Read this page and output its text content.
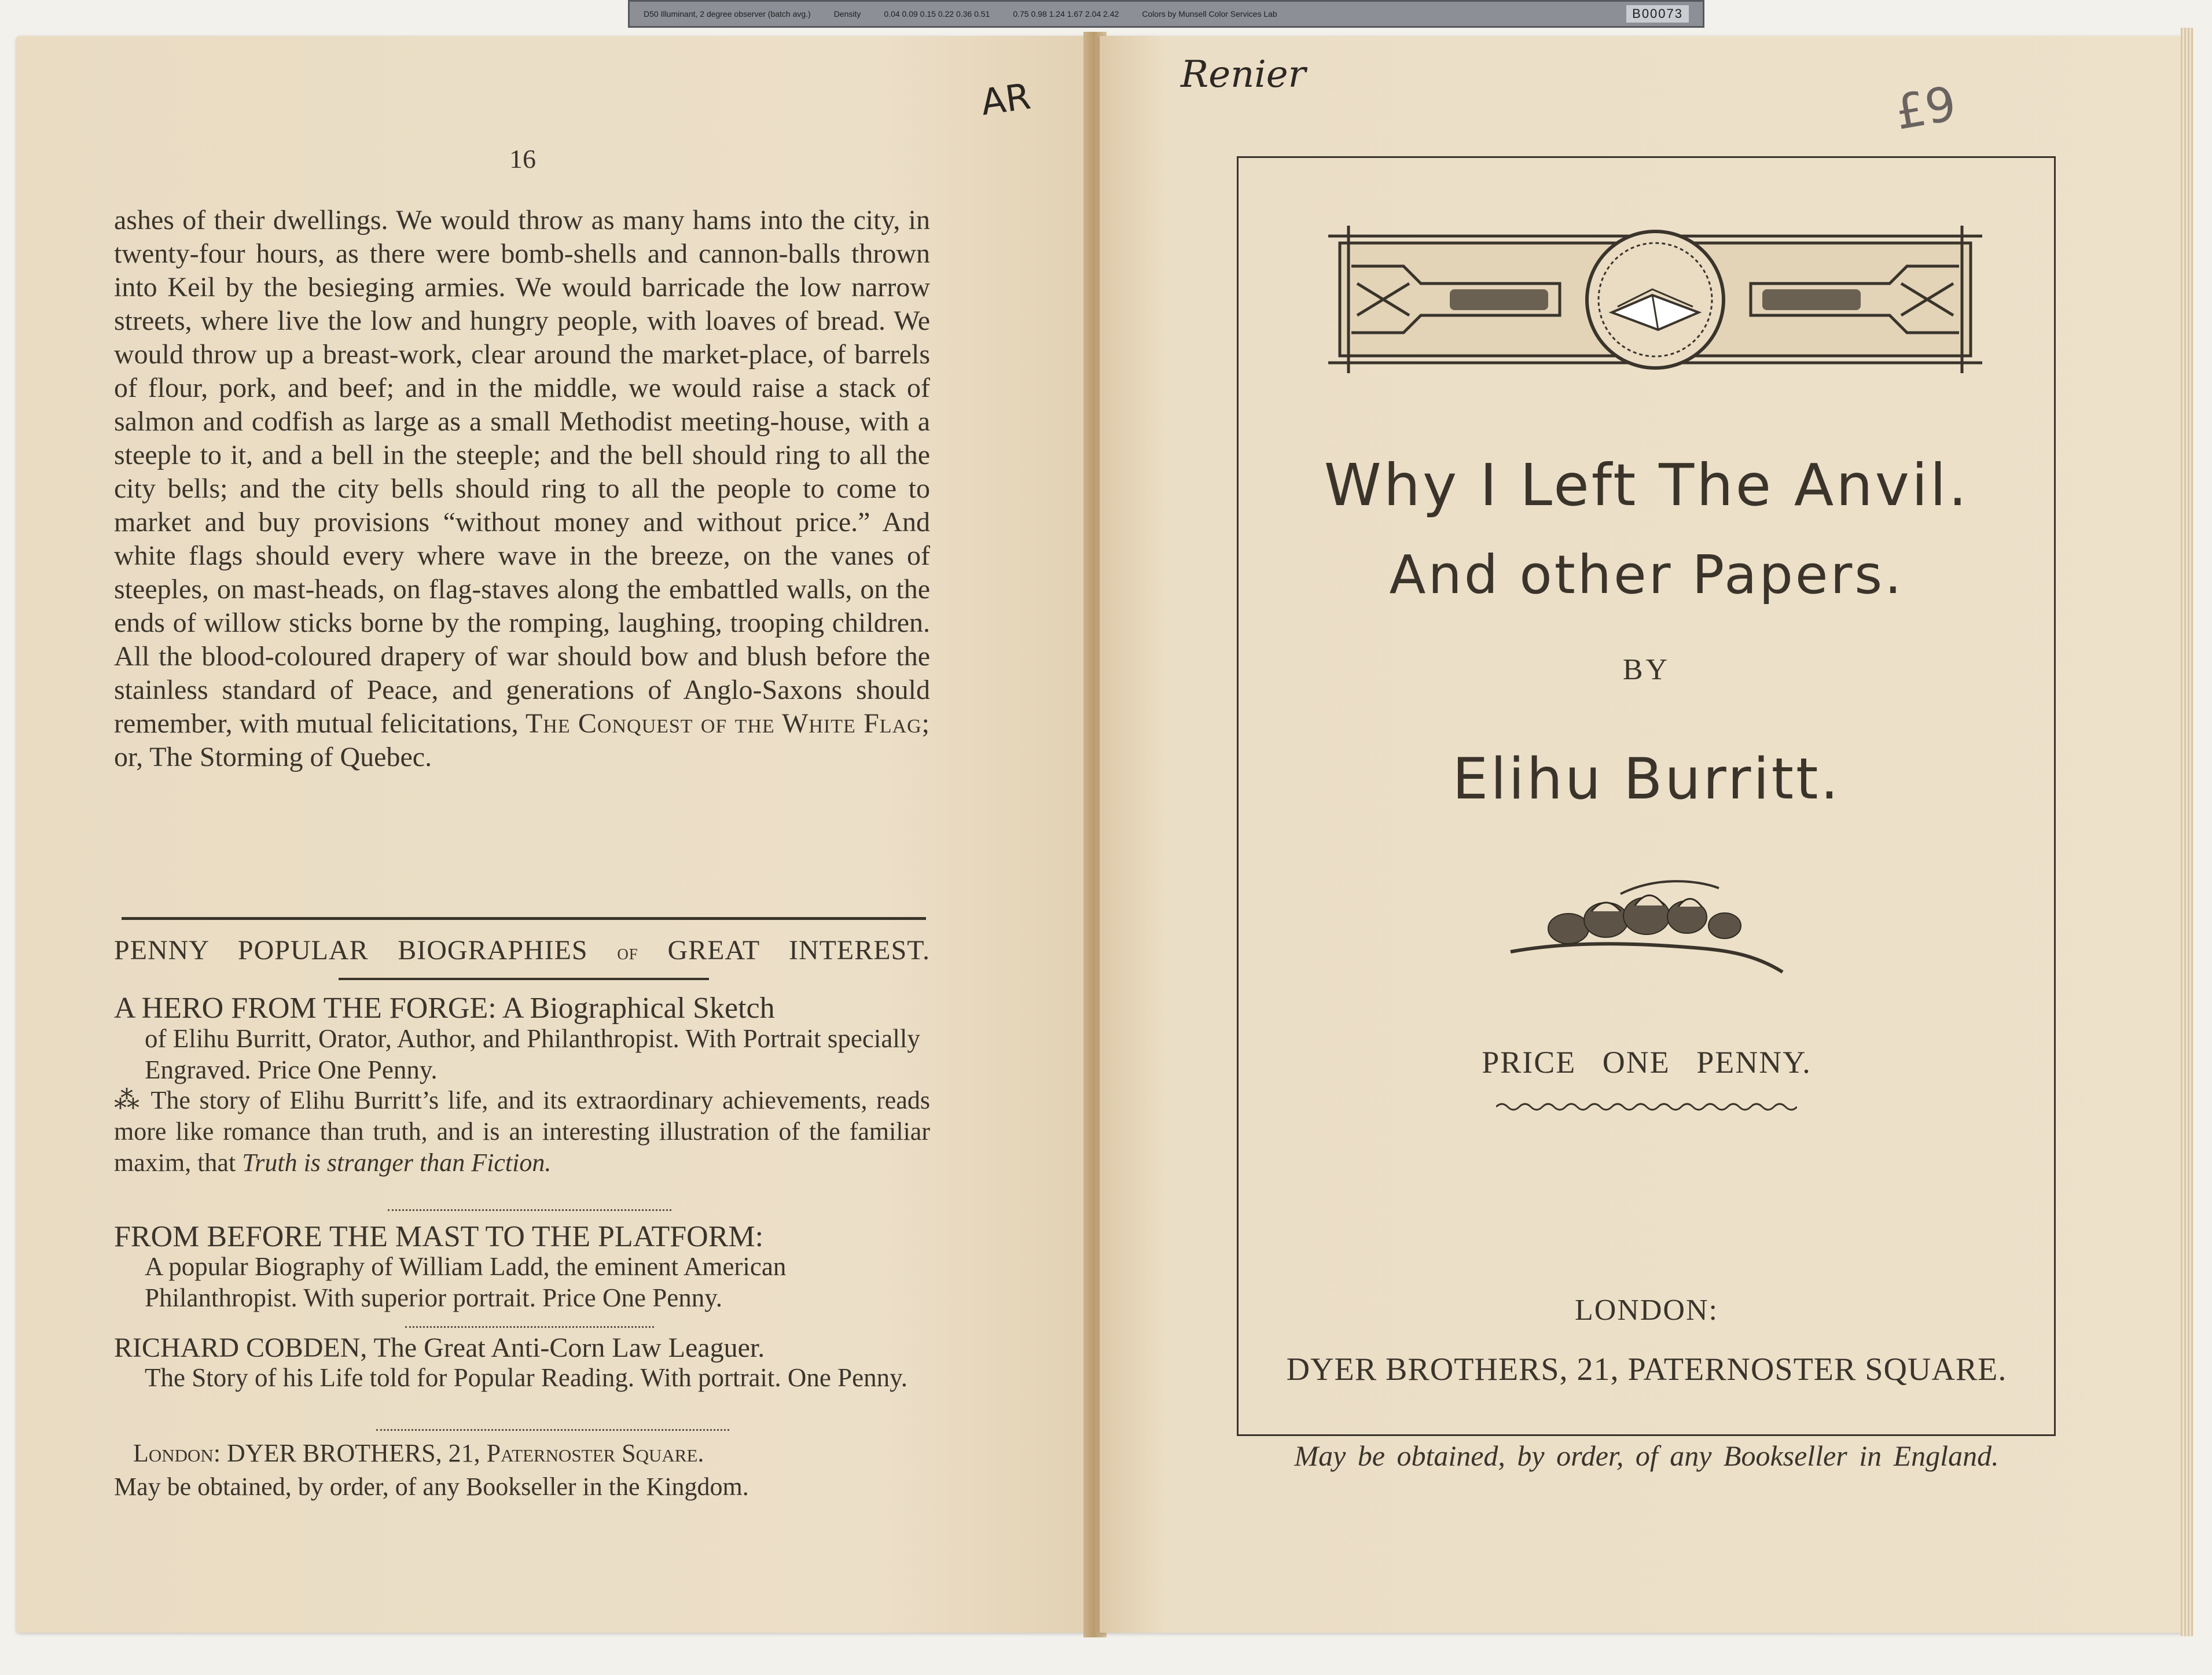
D50 Illuminant, 2 degree observer (batch avg.)	Density	0.04 0.09 0.15 0.22 0.36 0.51	0.75 0.98 1.24 1.67 2.04 2.42	Colors by Munsell Color Services Lab	B00073
16
AR
ashes of their dwellings. We would throw as many hams into the city, in twenty-four hours, as there were bomb-shells and cannon-balls thrown into Keil by the besieging armies. We would barricade the low narrow streets, where live the low and hungry people, with loaves of bread. We would throw up a breast-work, clear around the market-place, of barrels of flour, pork, and beef; and in the middle, we would raise a stack of salmon and codfish as large as a small Methodist meeting-house, with a steeple to it, and a bell in the steeple; and the bell should ring to all the city bells; and the city bells should ring to all the people to come to market and buy provisions “without money and without price.” And white flags should every where wave in the breeze, on the vanes of steeples, on mast-heads, on flag-staves along the embattled walls, on the ends of willow sticks borne by the romping, laughing, trooping children. All the blood-coloured drapery of war should bow and blush before the stainless standard of Peace, and generations of Anglo-Saxons should remember, with mutual felicitations, The Conquest of the White Flag; or, The Storming of Quebec.
PENNY POPULAR BIOGRAPHIES of GREAT INTEREST.
A HERO FROM THE FORGE: A Biographical Sketch
of Elihu Burritt, Orator, Author, and Philanthropist. With Portrait specially Engraved. Price One Penny.
⁂ The story of Elihu Burritt’s life, and its extraordinary achievements, reads more like romance than truth, and is an interesting illustration of the familiar maxim, that Truth is stranger than Fiction.
FROM BEFORE THE MAST TO THE PLATFORM:
A popular Biography of William Ladd, the eminent American Philanthropist. With superior portrait. Price One Penny.
RICHARD COBDEN, The Great Anti-Corn Law Leaguer.
The Story of his Life told for Popular Reading. With portrait. One Penny.
London: DYER BROTHERS, 21, Paternoster Square.
May be obtained, by order, of any Bookseller in the Kingdom.
Renier
£9
Why I Left The Anvil.
And other Papers.
BY
Elihu Burritt.
PRICE ONE PENNY.
LONDON:
DYER BROTHERS, 21, PATERNOSTER SQUARE.
May be obtained, by order, of any Bookseller in England.
